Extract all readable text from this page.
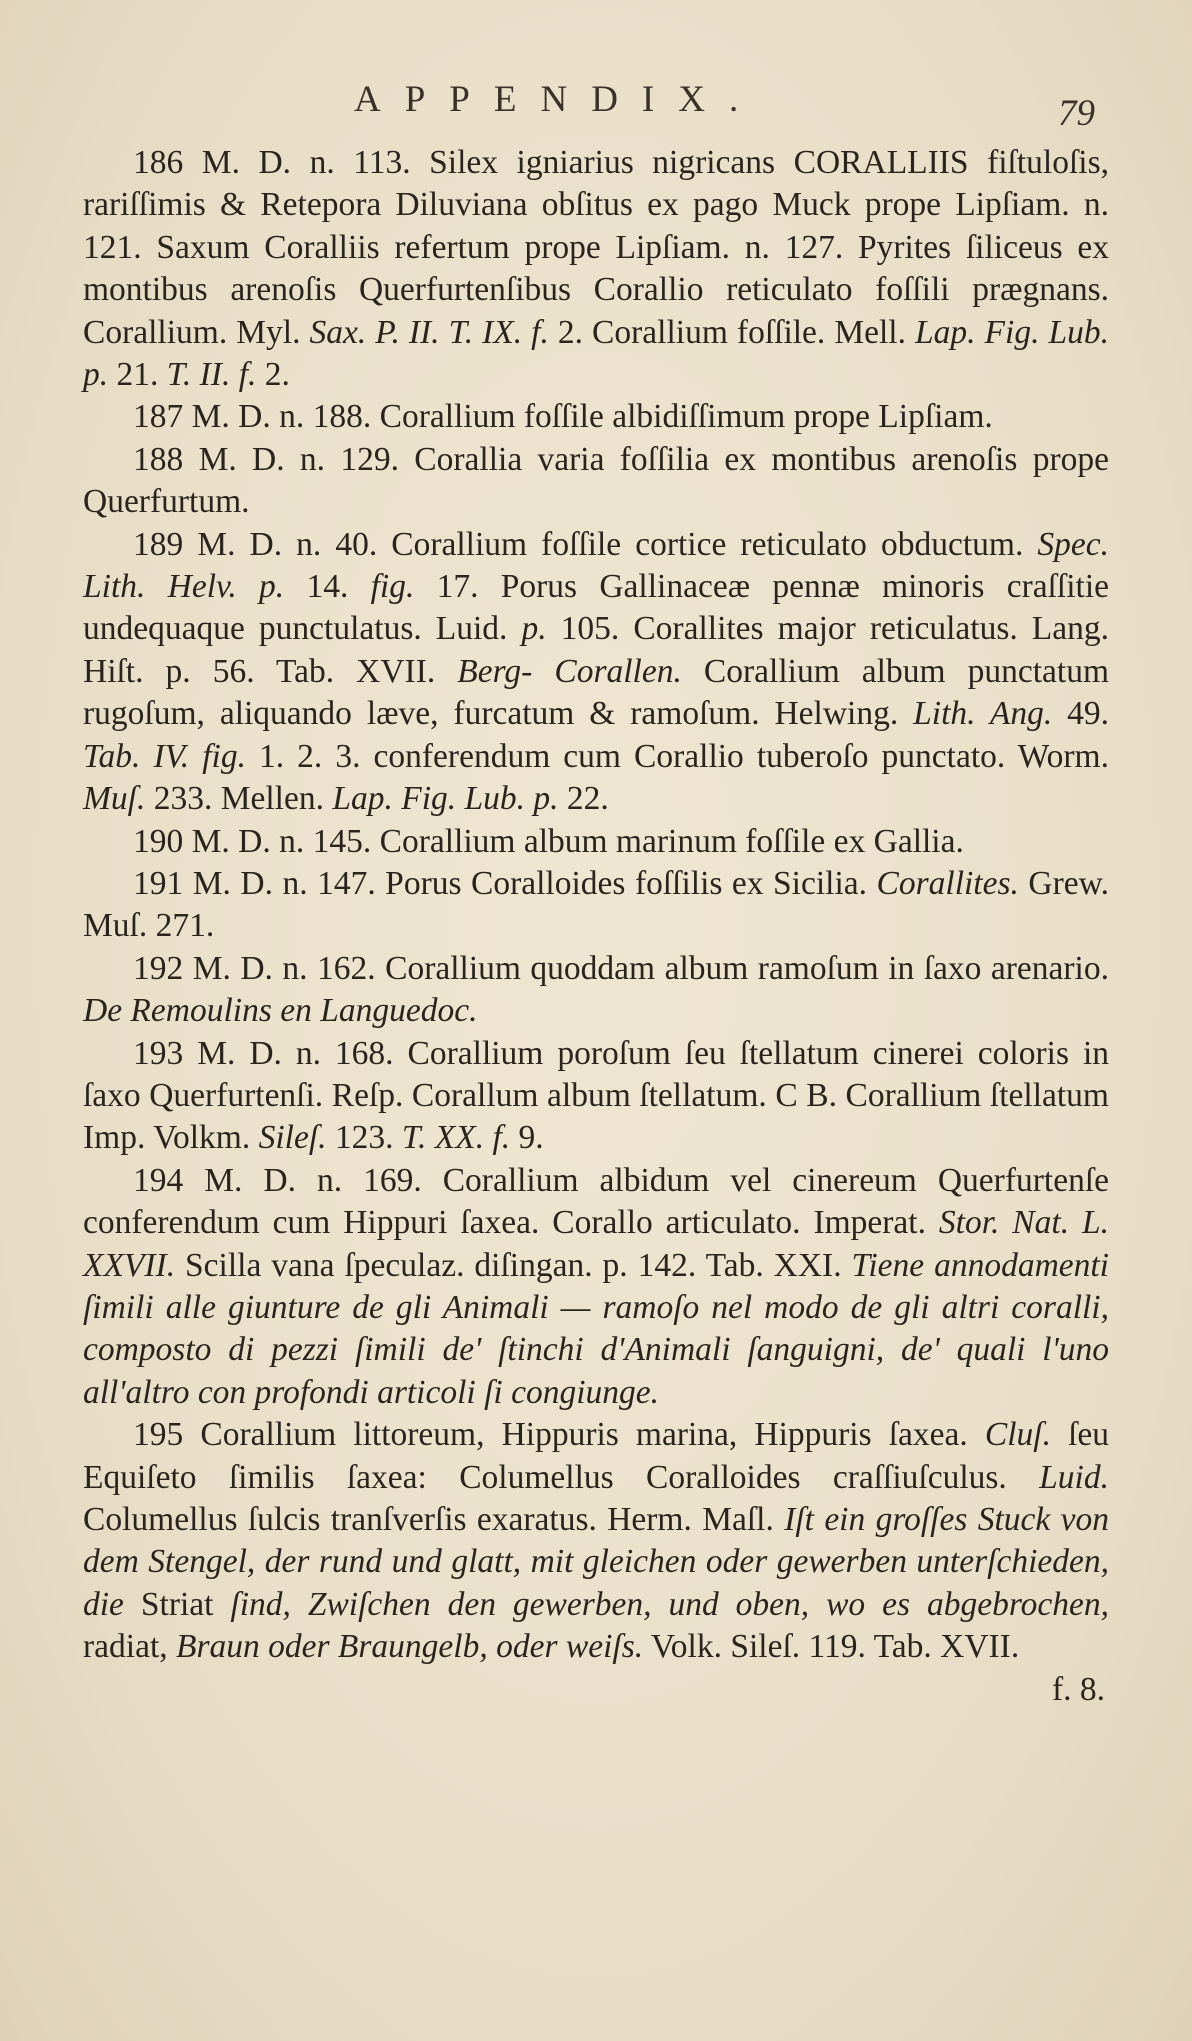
APPENDIX.	79

186 M. D. n. 113. Silex igniarius nigricans CORALLIIS fiſtuloſis, rariſſimis & Retepora Diluviana obſitus ex pago Muck prope Lipſiam. n. 121. Saxum Coralliis refertum prope Lipſiam. n. 127. Pyrites ſiliceus ex montibus arenoſis Querfurtenſibus Corallio reticulato foſſili prægnans. Corallium. Myl. Sax. P. II. T. IX. f. 2. Corallium foſſile. Mell. Lap. Fig. Lub. p. 21. T. II. f. 2.

187 M. D. n. 188. Corallium foſſile albidiſſimum prope Lipſiam.

188 M. D. n. 129. Corallia varia foſſilia ex montibus arenoſis prope Querfurtum.

189 M. D. n. 40. Corallium foſſile cortice reticulato obductum. Spec. Lith. Helv. p. 14. fig. 17. Porus Gallinaceæ pennæ minoris craſſitie undequaque punctulatus. Luid. p. 105. Corallites major reticulatus. Lang. Hiſt. p. 56. Tab. XVII. Berg- Corallen. Corallium album punctatum rugoſum, aliquando læve, furcatum & ramoſum. Helwing. Lith. Ang. 49. Tab. IV. fig. 1. 2. 3. conferendum cum Corallio tuberoſo punctato. Worm. Muſ. 233. Mellen. Lap. Fig. Lub. p. 22.

190 M. D. n. 145. Corallium album marinum foſſile ex Gallia.

191 M. D. n. 147. Porus Coralloides foſſilis ex Sicilia. Corallites. Grew. Muſ. 271.

192 M. D. n. 162. Corallium quoddam album ramoſum in ſaxo arenario. De Remoulins en Languedoc.

193 M. D. n. 168. Corallium poroſum ſeu ſtellatum cinerei coloris in ſaxo Querfurtenſi. Reſp. Corallum album ſtellatum. C B. Corallium ſtellatum Imp. Volkm. Sileſ. 123. T. XX. f. 9.

194 M. D. n. 169. Corallium albidum vel cinereum Querfurtenſe conferendum cum Hippuri ſaxea. Corallo articulato. Imperat. Stor. Nat. L. XXVII. Scilla vana ſpeculaz. diſingan. p. 142. Tab. XXI. Tiene annodamenti ſimili alle giunture de gli Animali — ramoſo nel modo de gli altri coralli, composto di pezzi ſimili de' ſtinchi d'Animali ſanguigni, de' quali l'uno all'altro con profondi articoli ſi congiunge.

195 Corallium littoreum, Hippuris marina, Hippuris ſaxea. Cluſ. ſeu Equiſeto ſimilis ſaxea: Columellus Coralloides craſſiuſculus. Luid. Columellus ſulcis tranſverſis exaratus. Herm. Maſl. Iſt ein groſſes Stuck von dem Stengel, der rund und glatt, mit gleichen oder gewerben unterſchieden, die Striat ſind, Zwiſchen den gewerben, und oben, wo es abgebrochen, radiat, Braun oder Braungelb, oder weiſs. Volk. Sileſ. 119. Tab. XVII.

f. 8.
